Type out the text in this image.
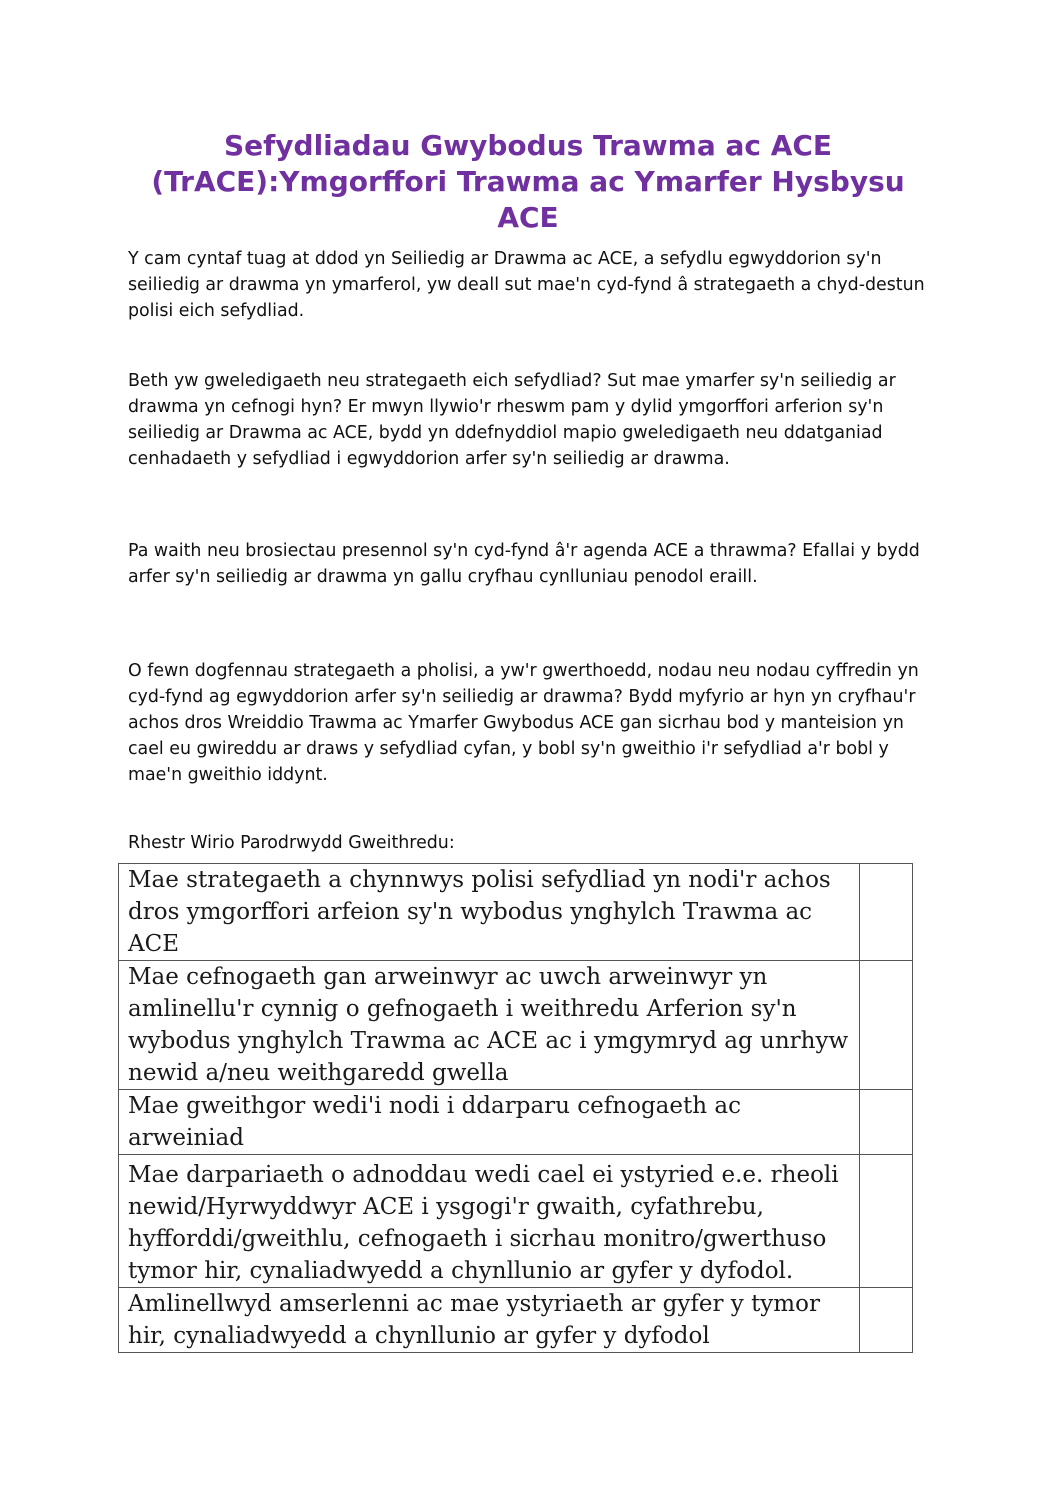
Sefydliadau Gwybodus Trawma ac ACE (TrACE):Ymgorffori Trawma ac Ymarfer Hysbysu ACE

Y cam cyntaf tuag at ddod yn Seiliedig ar Drawma ac ACE, a sefydlu egwyddorion sy'n seiliedig ar drawma yn ymarferol, yw deall sut mae'n cyd-fynd â strategaeth a chyd-destun polisi eich sefydliad.

Beth yw gweledigaeth neu strategaeth eich sefydliad? Sut mae ymarfer sy'n seiliedig ar drawma yn cefnogi hyn? Er mwyn llywio'r rheswm pam y dylid ymgorffori arferion sy'n seiliedig ar Drawma ac ACE, bydd yn ddefnyddiol mapio gweledigaeth neu ddatganiad cenhadaeth y sefydliad i egwyddorion arfer sy'n seiliedig ar drawma.

Pa waith neu brosiectau presennol sy'n cyd-fynd â'r agenda ACE a thrawma? Efallai y bydd arfer sy'n seiliedig ar drawma yn gallu cryfhau cynlluniau penodol eraill.

O fewn dogfennau strategaeth a pholisi, a yw'r gwerthoedd, nodau neu nodau cyffredin yn cyd-fynd ag egwyddorion arfer sy'n seiliedig ar drawma? Bydd myfyrio ar hyn yn cryfhau'r achos dros Wreiddio Trawma ac Ymarfer Gwybodus ACE gan sicrhau bod y manteision yn cael eu gwireddu ar draws y sefydliad cyfan, y bobl sy'n gweithio i'r sefydliad a'r bobl y mae'n gweithio iddynt.

Rhestr Wirio Parodrwydd Gweithredu:

Mae strategaeth a chynnwys polisi sefydliad yn nodi'r achos dros ymgorffori arfeion sy'n wybodus ynghylch Trawma ac ACE	
Mae cefnogaeth gan arweinwyr ac uwch arweinwyr yn amlinellu'r cynnig o gefnogaeth i weithredu Arferion sy'n wybodus ynghylch Trawma ac ACE ac i ymgymryd ag unrhyw newid a/neu weithgaredd gwella	
Mae gweithgor wedi'i nodi i ddarparu cefnogaeth ac arweiniad	
Mae darpariaeth o adnoddau wedi cael ei ystyried e.e. rheoli newid/Hyrwyddwyr ACE i ysgogi'r gwaith, cyfathrebu, hyfforddi/gweithlu, cefnogaeth i sicrhau monitro/gwerthuso tymor hir, cynaliadwyedd a chynllunio ar gyfer y dyfodol.	
Amlinellwyd amserlenni ac mae ystyriaeth ar gyfer y tymor hir, cynaliadwyedd a chynllunio ar gyfer y dyfodol	
